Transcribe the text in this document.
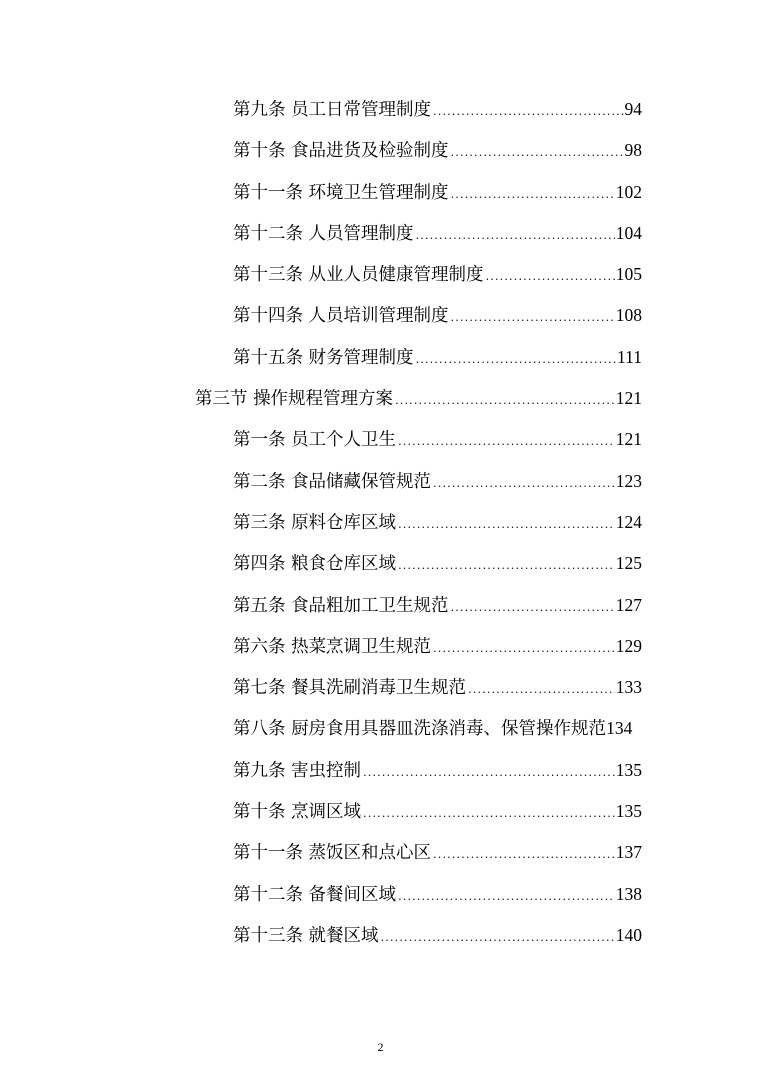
第九条 员工日常管理制度 .....	94
第十条 食品进货及检验制度 .....	98
第十一条 环境卫生管理制度 .....	102
第十二条 人员管理制度 .....	104
第十三条 从业人员健康管理制度 .....	105
第十四条 人员培训管理制度 .....	108
第十五条 财务管理制度 .....	111
第三节 操作规程管理方案 .....	121
第一条 员工个人卫生 .....	121
第二条 食品储藏保管规范 .....	123
第三条 原料仓库区域 .....	124
第四条 粮食仓库区域 .....	125
第五条 食品粗加工卫生规范 .....	127
第六条 热菜烹调卫生规范 .....	129
第七条 餐具洗刷消毒卫生规范 .....	133
第八条 厨房食用具器皿洗涤消毒、保管操作规范 134
第九条 害虫控制 .....	135
第十条 烹调区域 .....	135
第十一条 蒸饭区和点心区 .....	137
第十二条 备餐间区域 .....	138
第十三条 就餐区域 .....	140
2
